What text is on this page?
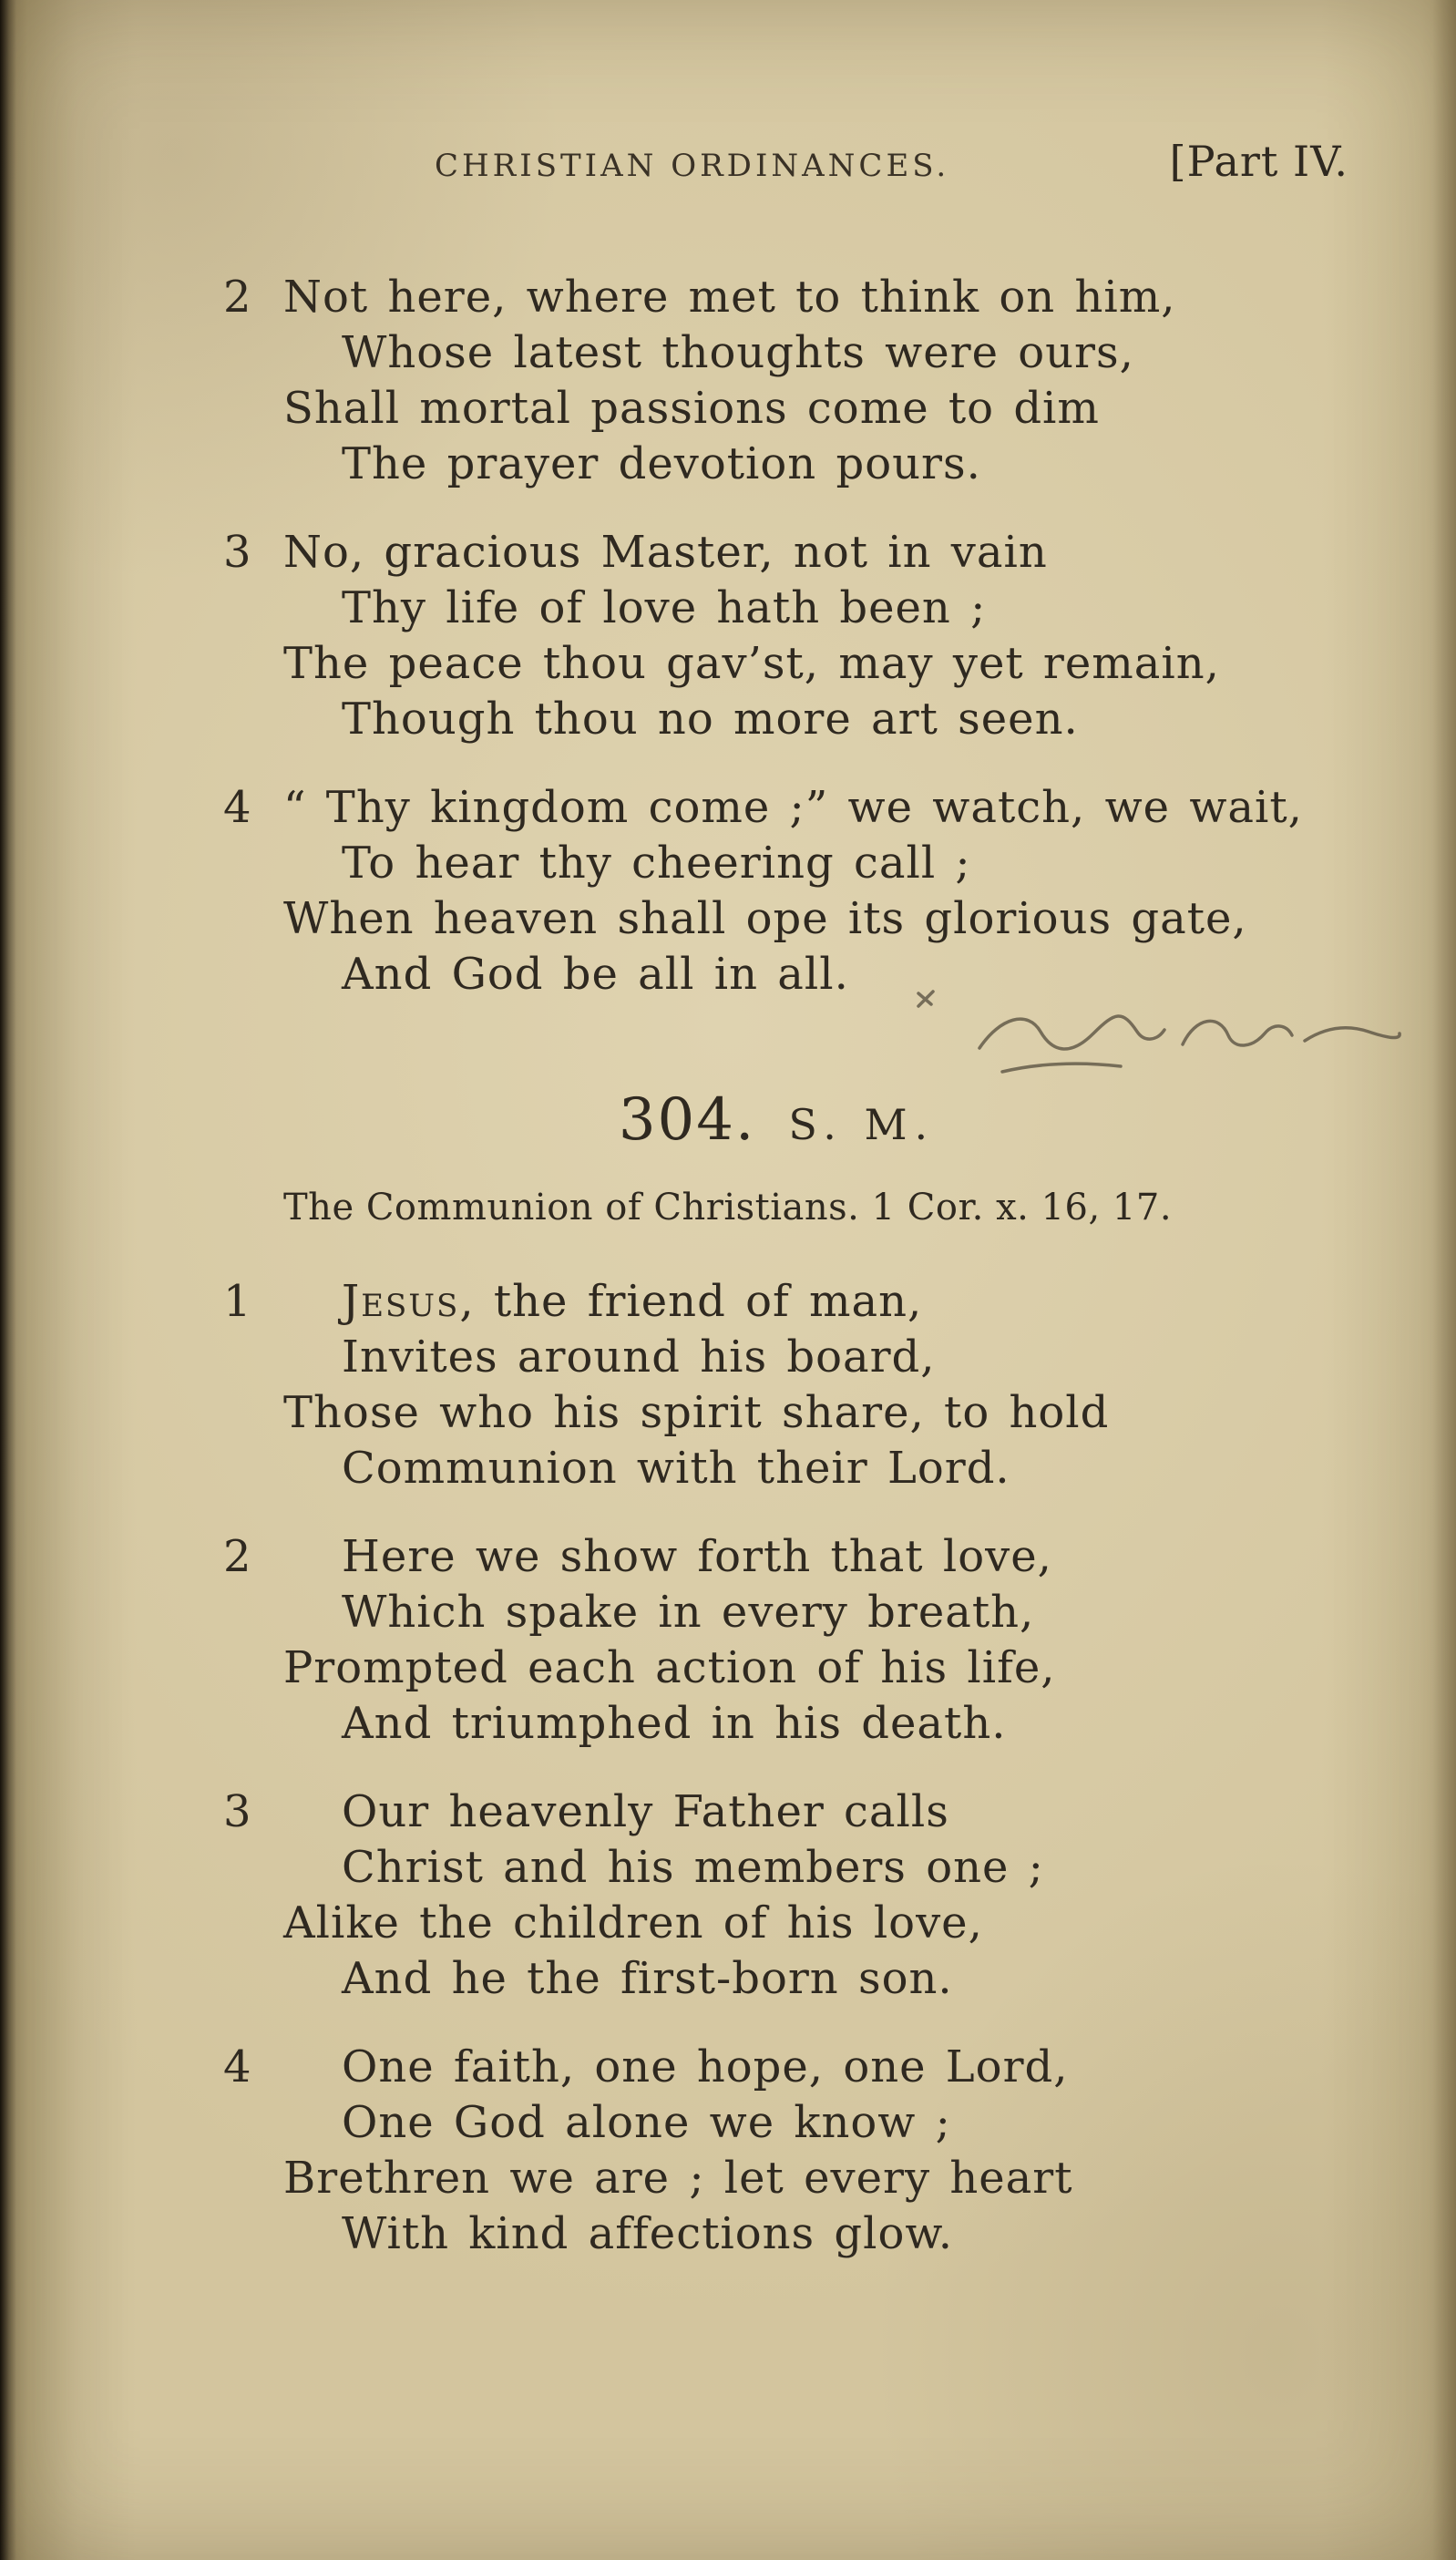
CHRISTIAN ORDINANCES.	[Part IV.
2 Not here, where met to think on him,
Whose latest thoughts were ours,
Shall mortal passions come to dim
The prayer devotion pours.
3 No, gracious Master, not in vain
Thy life of love hath been ;
The peace thou gav’st, may yet remain,
Though thou no more art seen.
4 “ Thy kingdom come ;” we watch, we wait,
To hear thy cheering call ;
When heaven shall ope its glorious gate,
And God be all in all.
304. S. M.
The Communion of Christians. 1 Cor. x. 16, 17.
1	Jesus, the friend of man,
Invites around his board,
Those who his spirit share, to hold
Communion with their Lord.
2	Here we show forth that love,
Which spake in every breath,
Prompted each action of his life,
And triumphed in his death.
3	Our heavenly Father calls
Christ and his members one ;
Alike the children of his love,
And he the first-born son.
4	One faith, one hope, one Lord,
One God alone we know ;
Brethren we are ; let every heart
With kind affections glow.
